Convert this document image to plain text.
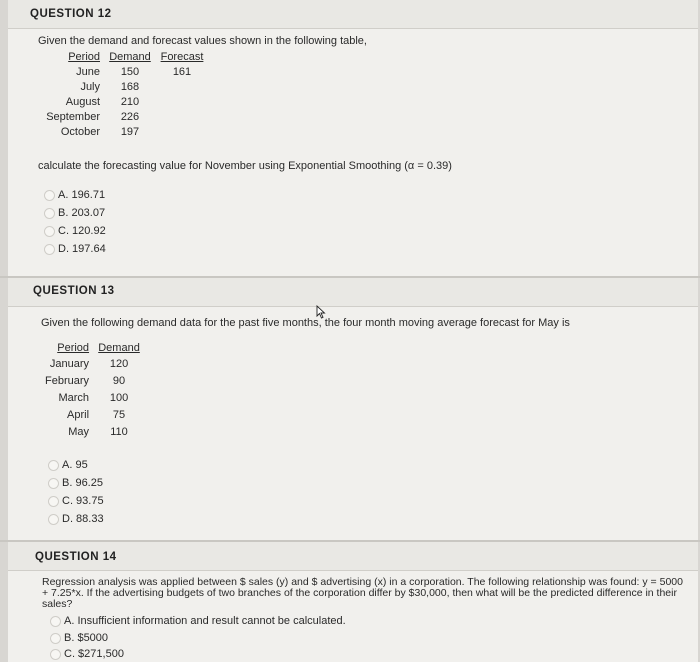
QUESTION 12
Given the demand and forecast values shown in the following table,
Period	Demand	Forecast
June	150	161
July	168	
August	210	
September	226	
October	197	
calculate the forecasting value for November using Exponential Smoothing (α = 0.39)
A. 196.71
B. 203.07
C. 120.92
D. 197.64
QUESTION 13
Given the following demand data for the past five months, the four month moving average forecast for May is
Period	Demand
January	120
February	90
March	100
April	75
May	110
A. 95
B. 96.25
C. 93.75
D. 88.33
QUESTION 14
Regression analysis was applied between $ sales (y) and $ advertising (x) in a corporation. The following relationship was found: y = 5000
+ 7.25*x. If the advertising budgets of two branches of the corporation differ by $30,000, then what will be the predicted difference in their
sales?
A. Insufficient information and result cannot be calculated.
B. $5000
C. $271,500
